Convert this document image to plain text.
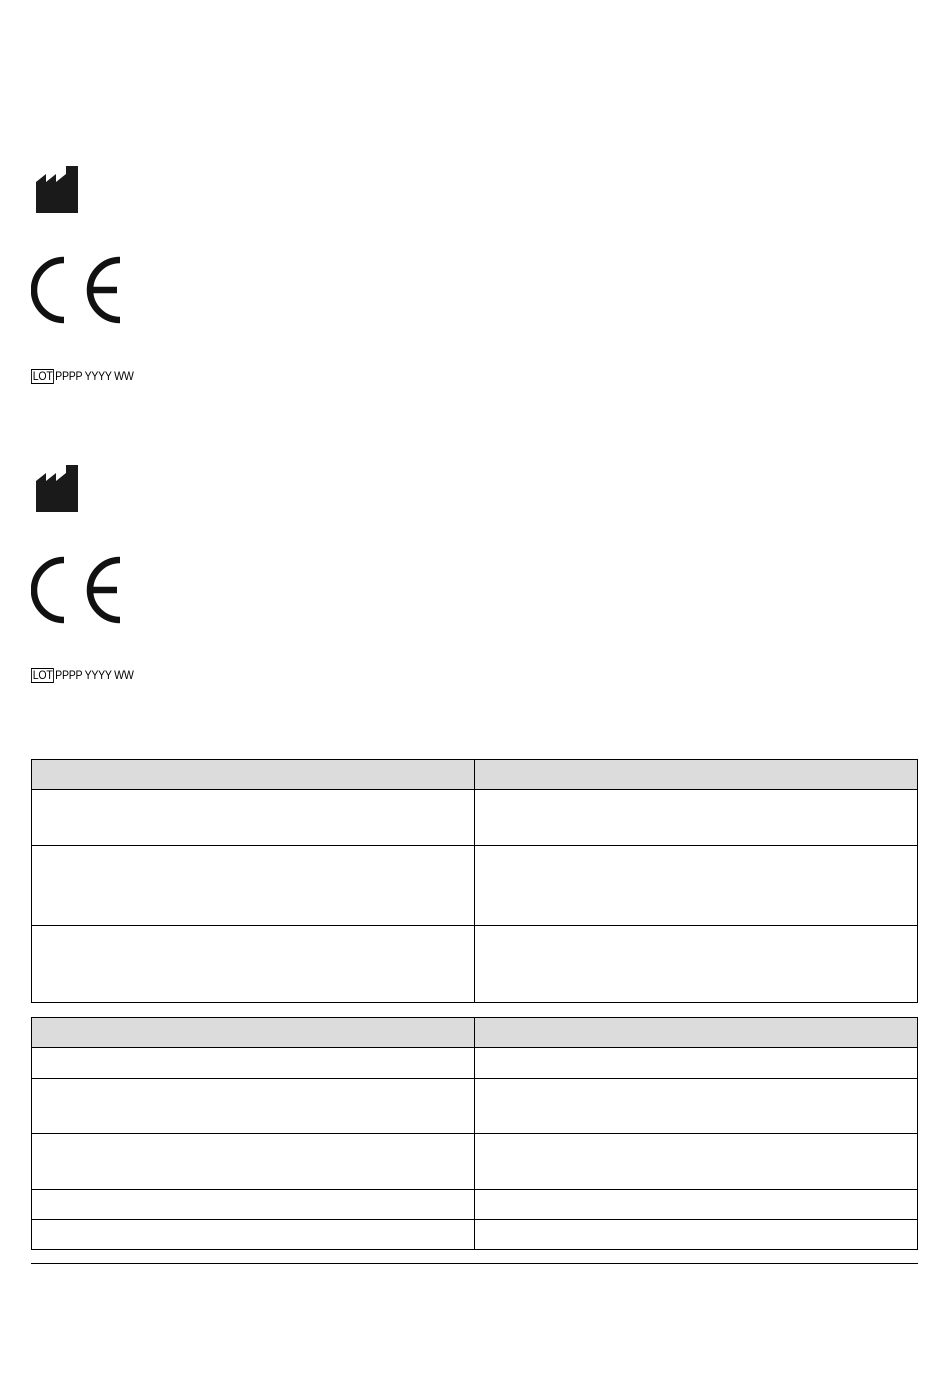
LOT PPPP YYYY WW
LOT PPPP YYYY WW
